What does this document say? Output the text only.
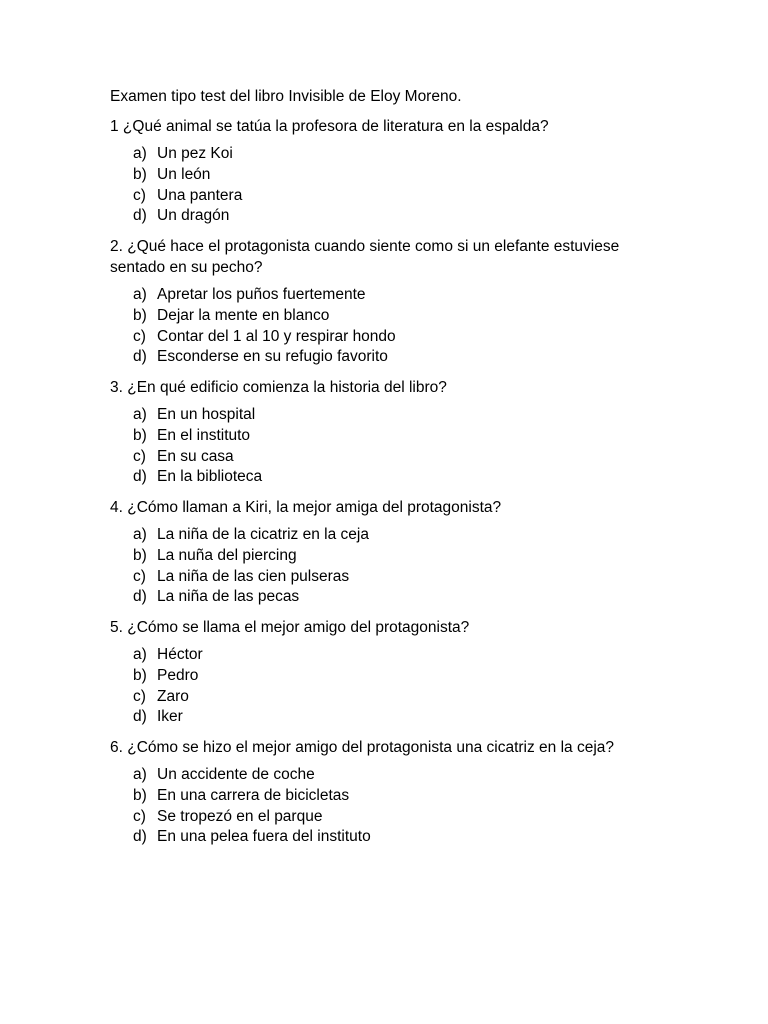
Examen tipo test del libro Invisible de Eloy Moreno.

1 ¿Qué animal se tatúa la profesora de literatura en la espalda?

a) Un pez Koi
b) Un león
c) Una pantera
d) Un dragón

2. ¿Qué hace el protagonista cuando siente como si un elefante estuviese sentado en su pecho?

a) Apretar los puños fuertemente
b) Dejar la mente en blanco
c) Contar del 1 al 10 y respirar hondo
d) Esconderse en su refugio favorito

3. ¿En qué edificio comienza la historia del libro?

a) En un hospital
b) En el instituto
c) En su casa
d) En la biblioteca

4. ¿Cómo llaman a Kiri, la mejor amiga del protagonista?

a) La niña de la cicatriz en la ceja
b) La nuña del piercing
c) La niña de las cien pulseras
d) La niña de las pecas

5. ¿Cómo se llama el mejor amigo del protagonista?

a) Héctor
b) Pedro
c) Zaro
d) Iker

6. ¿Cómo se hizo el mejor amigo del protagonista una cicatriz en la ceja?

a) Un accidente de coche
b) En una carrera de bicicletas
c) Se tropezó en el parque
d) En una pelea fuera del instituto
